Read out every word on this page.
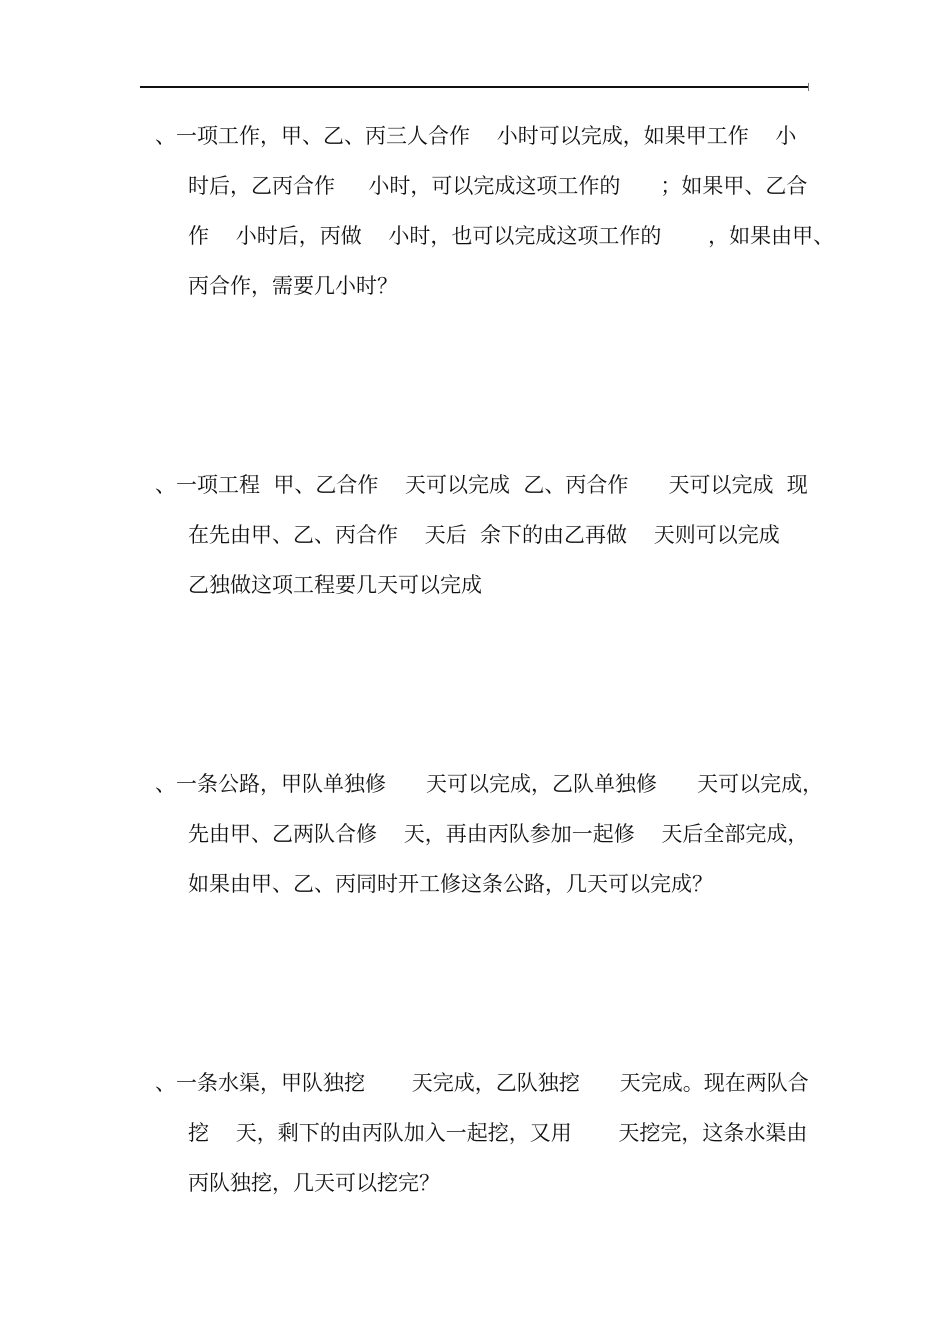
、一项工作，甲、乙、丙三人合作    小时可以完成，如果甲工作    小

时后，乙丙合作     小时，可以完成这项工作的      ；如果甲、乙合

作    小时后，丙做    小时，也可以完成这项工作的       ，如果由甲、

丙合作，需要几小时？

、一项工程  甲、乙合作    天可以完成  乙、丙合作      天可以完成  现

在先由甲、乙、丙合作    天后  余下的由乙再做    天则可以完成

乙独做这项工程要几天可以完成

、一条公路，甲队单独修      天可以完成，乙队单独修      天可以完成，

先由甲、乙两队合修    天，再由丙队参加一起修    天后全部完成，

如果由甲、乙、丙同时开工修这条公路，几天可以完成？

、一条水渠，甲队独挖       天完成，乙队独挖      天完成。现在两队合

挖    天，剩下的由丙队加入一起挖，又用       天挖完，这条水渠由

丙队独挖，几天可以挖完？
